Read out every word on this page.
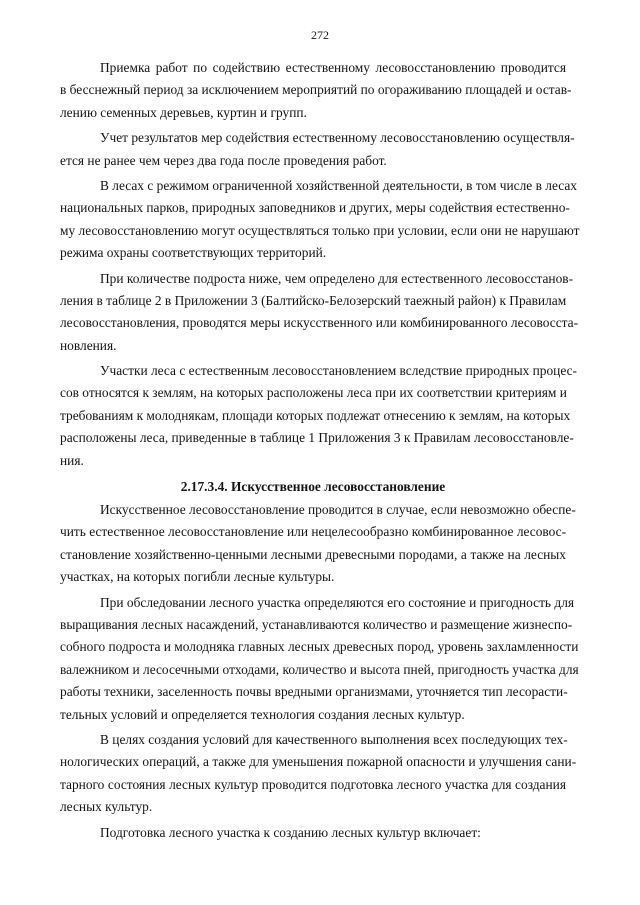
272
Приемка работ по содействию естественному лесовосстановлению проводится
в бесснежный период за исключением мероприятий по огораживанию площадей и остав-
лению семенных деревьев, куртин и групп.
Учет результатов мер содействия естественному лесовосстановлению осуществля-
ется не ранее чем через два года после проведения работ.
В лесах с режимом ограниченной хозяйственной деятельности, в том числе в лесах
национальных парков, природных заповедников и других, меры содействия естественно-
му лесовосстановлению могут осуществляться только при условии, если они не нарушают
режима охраны соответствующих территорий.
При количестве подроста ниже, чем определено для естественного лесовосстанов-
ления в таблице 2 в Приложении 3 (Балтийско-Белозерский таежный район) к Правилам
лесовосстановления, проводятся меры искусственного или комбинированного лесовосста-
новления.
Участки леса с естественным лесовосстановлением вследствие природных процес-
сов относятся к землям, на которых расположены леса при их соответствии критериям и
требованиям к молоднякам, площади которых подлежат отнесению к землям, на которых
расположены леса, приведенные в таблице 1 Приложения 3 к Правилам лесовосстановле-
ния.
2.17.3.4. Искусственное лесовосстановление
Искусственное лесовосстановление проводится в случае, если невозможно обеспе-
чить естественное лесовосстановление или нецелесообразно комбинированное лесовос-
становление хозяйственно-ценными лесными древесными породами, а также на лесных
участках, на которых погибли лесные культуры.
При обследовании лесного участка определяются его состояние и пригодность для
выращивания лесных насаждений, устанавливаются количество и размещение жизнеспо-
собного подроста и молодняка главных лесных древесных пород, уровень захламленности
валежником и лесосечными отходами, количество и высота пней, пригодность участка для
работы техники, заселенность почвы вредными организмами, уточняется тип лесорасти-
тельных условий и определяется технология создания лесных культур.
В целях создания условий для качественного выполнения всех последующих тех-
нологических операций, а также для уменьшения пожарной опасности и улучшения сани-
тарного состояния лесных культур проводится подготовка лесного участка для создания
лесных культур.
Подготовка лесного участка к созданию лесных культур включает:
